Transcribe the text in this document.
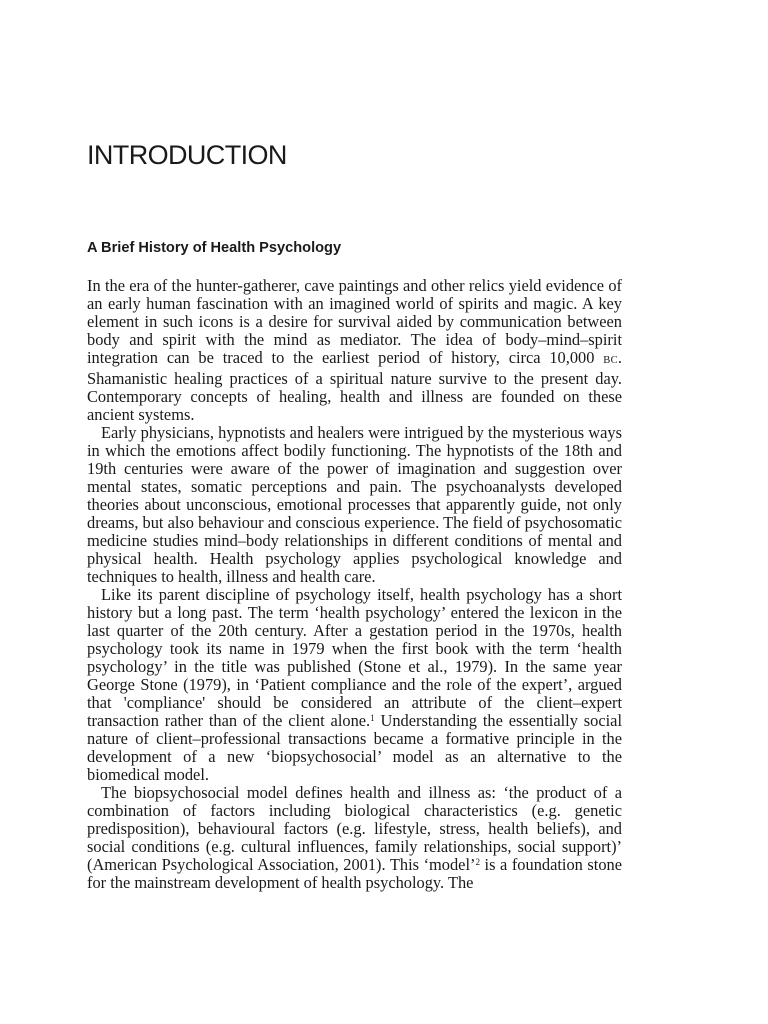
INTRODUCTION
A Brief History of Health Psychology

In the era of the hunter-gatherer, cave paintings and other relics yield evidence of an early human fascination with an imagined world of spirits and magic. A key element in such icons is a desire for survival aided by communication between body and spirit with the mind as mediator. The idea of body–mind–spirit integration can be traced to the earliest period of history, circa 10,000 BC. Shamanistic healing practices of a spiritual nature survive to the present day. Contemporary concepts of healing, health and illness are founded on these ancient systems.

Early physicians, hypnotists and healers were intrigued by the mysterious ways in which the emotions affect bodily functioning. The hypnotists of the 18th and 19th centuries were aware of the power of imagination and suggestion over mental states, somatic perceptions and pain. The psychoanalysts developed theories about unconscious, emotional processes that apparently guide, not only dreams, but also behaviour and conscious experience. The field of psychosomatic medicine studies mind–body relationships in different conditions of mental and physical health. Health psychology applies psychological knowledge and techniques to health, illness and health care.

Like its parent discipline of psychology itself, health psychology has a short history but a long past. The term ‘health psychology’ entered the lexicon in the last quarter of the 20th century. After a gestation period in the 1970s, health psychology took its name in 1979 when the first book with the term ‘health psychology’ in the title was published (Stone et al., 1979). In the same year George Stone (1979), in ‘Patient compliance and the role of the expert’, argued that 'compliance' should be considered an attribute of the client–expert transaction rather than of the client alone.$^1$ Understanding the essentially social nature of client–professional transactions became a formative principle in the development of a new ‘biopsychosocial’ model as an alternative to the biomedical model.

The biopsychosocial model defines health and illness as: ‘the product of a combination of factors including biological characteristics (e.g. genetic predisposition), behavioural factors (e.g. lifestyle, stress, health beliefs), and social conditions (e.g. cultural influences, family relationships, social support)’ (American Psychological Association, 2001). This ‘model’$^2$ is a foundation stone for the mainstream development of health psychology. The
